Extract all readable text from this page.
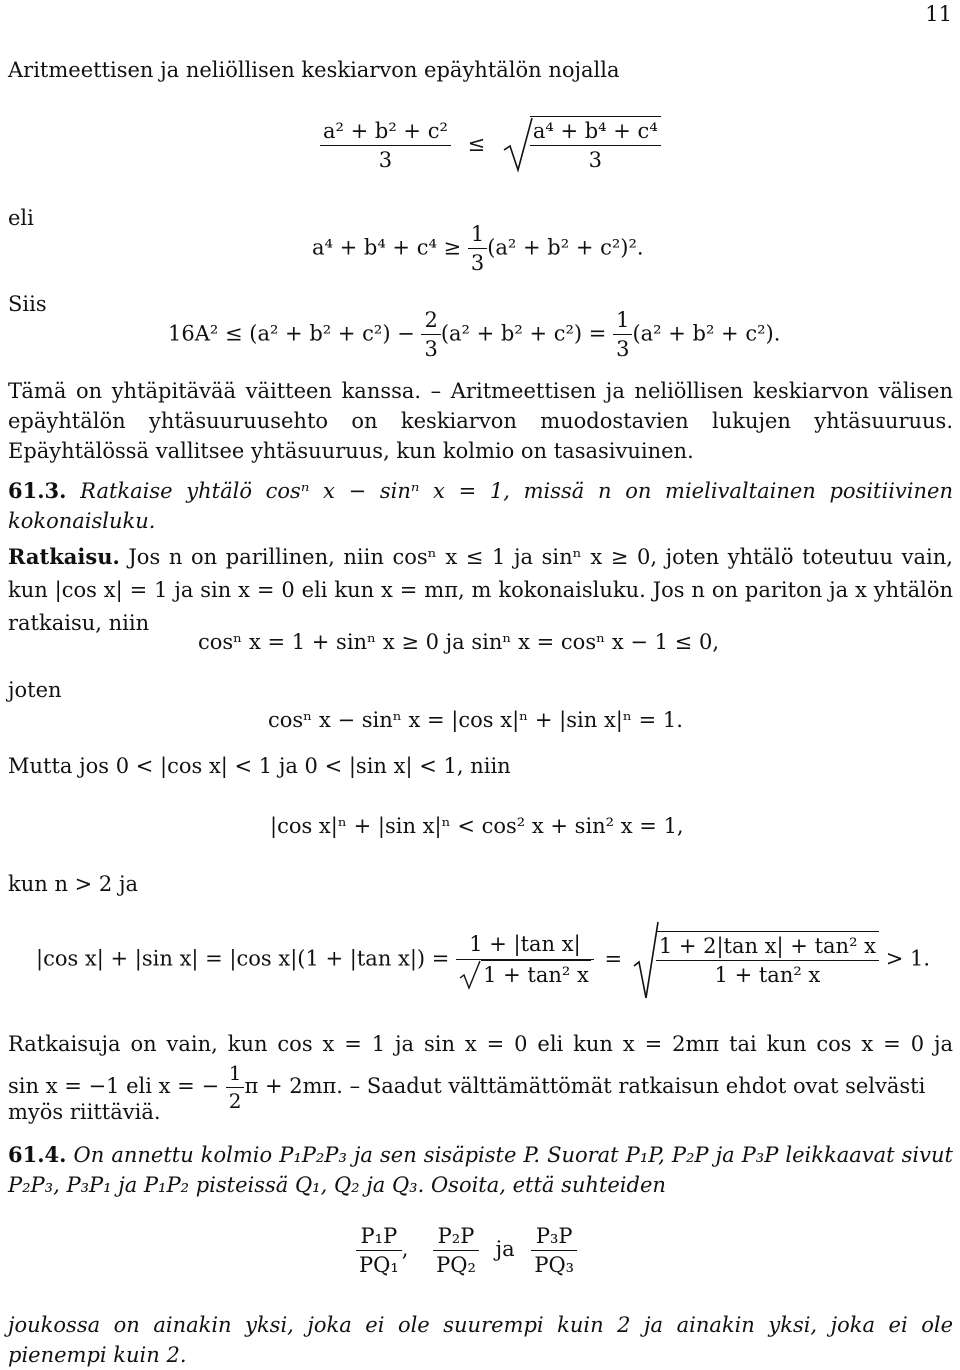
11
Aritmeettisen ja neliöllisen keskiarvon epäyhtälön nojalla
$\frac{\text{a² + b² + c²}}{3} \le \frac{\text{a⁴ + b⁴ + c⁴}}{3}$
eli
$a^4 + b^4 + c^4 \ge \frac{1}{3} (a^2 + b^2 + c^2)^2$.
Siis
$16A^2 \le (a^2 + b^2 + c^2) - \frac{2}{3} (a^2 + b^2 + c^2) = \frac{1}{3} (a^2 + b^2 + c^2)$.
Tämä on yhtäpitävää väitteen kanssa. – Aritmeettisen ja neliöllisen keskiarvon välisen epäyhtälön yhtäsuuruusehto on keskiarvon muodostavien lukujen yhtäsuuruus. Epäyhtälössä vallitsee yhtäsuuruus, kun kolmio on tasasivuinen.
61.3. Ratkaise yhtälö cosⁿ x − sinⁿ x = 1, missä n on mielivaltainen positiivinen kokonaisluku.
Ratkaisu. Jos n on parillinen, niin cosⁿ x ≤ 1 ja sinⁿ x ≥ 0, joten yhtälö toteutuu vain, kun |cos x| = 1 ja sin x = 0 eli kun x = mπ, m kokonaisluku. Jos n on pariton ja x yhtälön ratkaisu, niin
cosⁿ x = 1 + sinⁿ x ≥ 0 ja sinⁿ x = cosⁿ x − 1 ≤ 0,
joten
cosⁿ x − sinⁿ x = |cos x|ⁿ + |sin x|ⁿ = 1.
Mutta jos 0 < |cos x| < 1 ja 0 < |sin x| < 1, niin
|cos x|ⁿ + |sin x|ⁿ < cos² x + sin² x = 1,
kun n > 2 ja
|cos x| + |sin x| = |cos x|(1 + |tan $x|) = \frac{\text{1 + |tan x|}}{\text{1 + tan² x}} = \frac{\text{1 + 2|tan x| + tan² x}}{\text{1 + tan² x}} > 1$.
Ratkaisuja on vain, kun cos x = 1 ja sin x = 0 eli kun x = 2mπ tai kun cos x = 0 ja
sin x = −1 eli x = − $\frac{1}{2}$ π + 2mπ. – Saadut välttämättömät ratkaisun ehdot ovat selvästi
myös riittäviä.
61.4. On annettu kolmio P₁P₂P₃ ja sen sisäpiste P. Suorat P₁P, P₂P ja P₃P leikkaavat sivut P₂P₃, P₃P₁ ja P₁P₂ pisteissä Q₁, Q₂ ja Q₃. Osoita, että suhteiden
$\frac{\text{P₁P}}{\text{PQ₁}}$ , $\frac{\text{P₂P}}{\text{PQ₂}}$ ja $\frac{\text{P₃P}}{\text{PQ₃}}$
joukossa on ainakin yksi, joka ei ole suurempi kuin 2 ja ainakin yksi, joka ei ole pienempi kuin 2.
